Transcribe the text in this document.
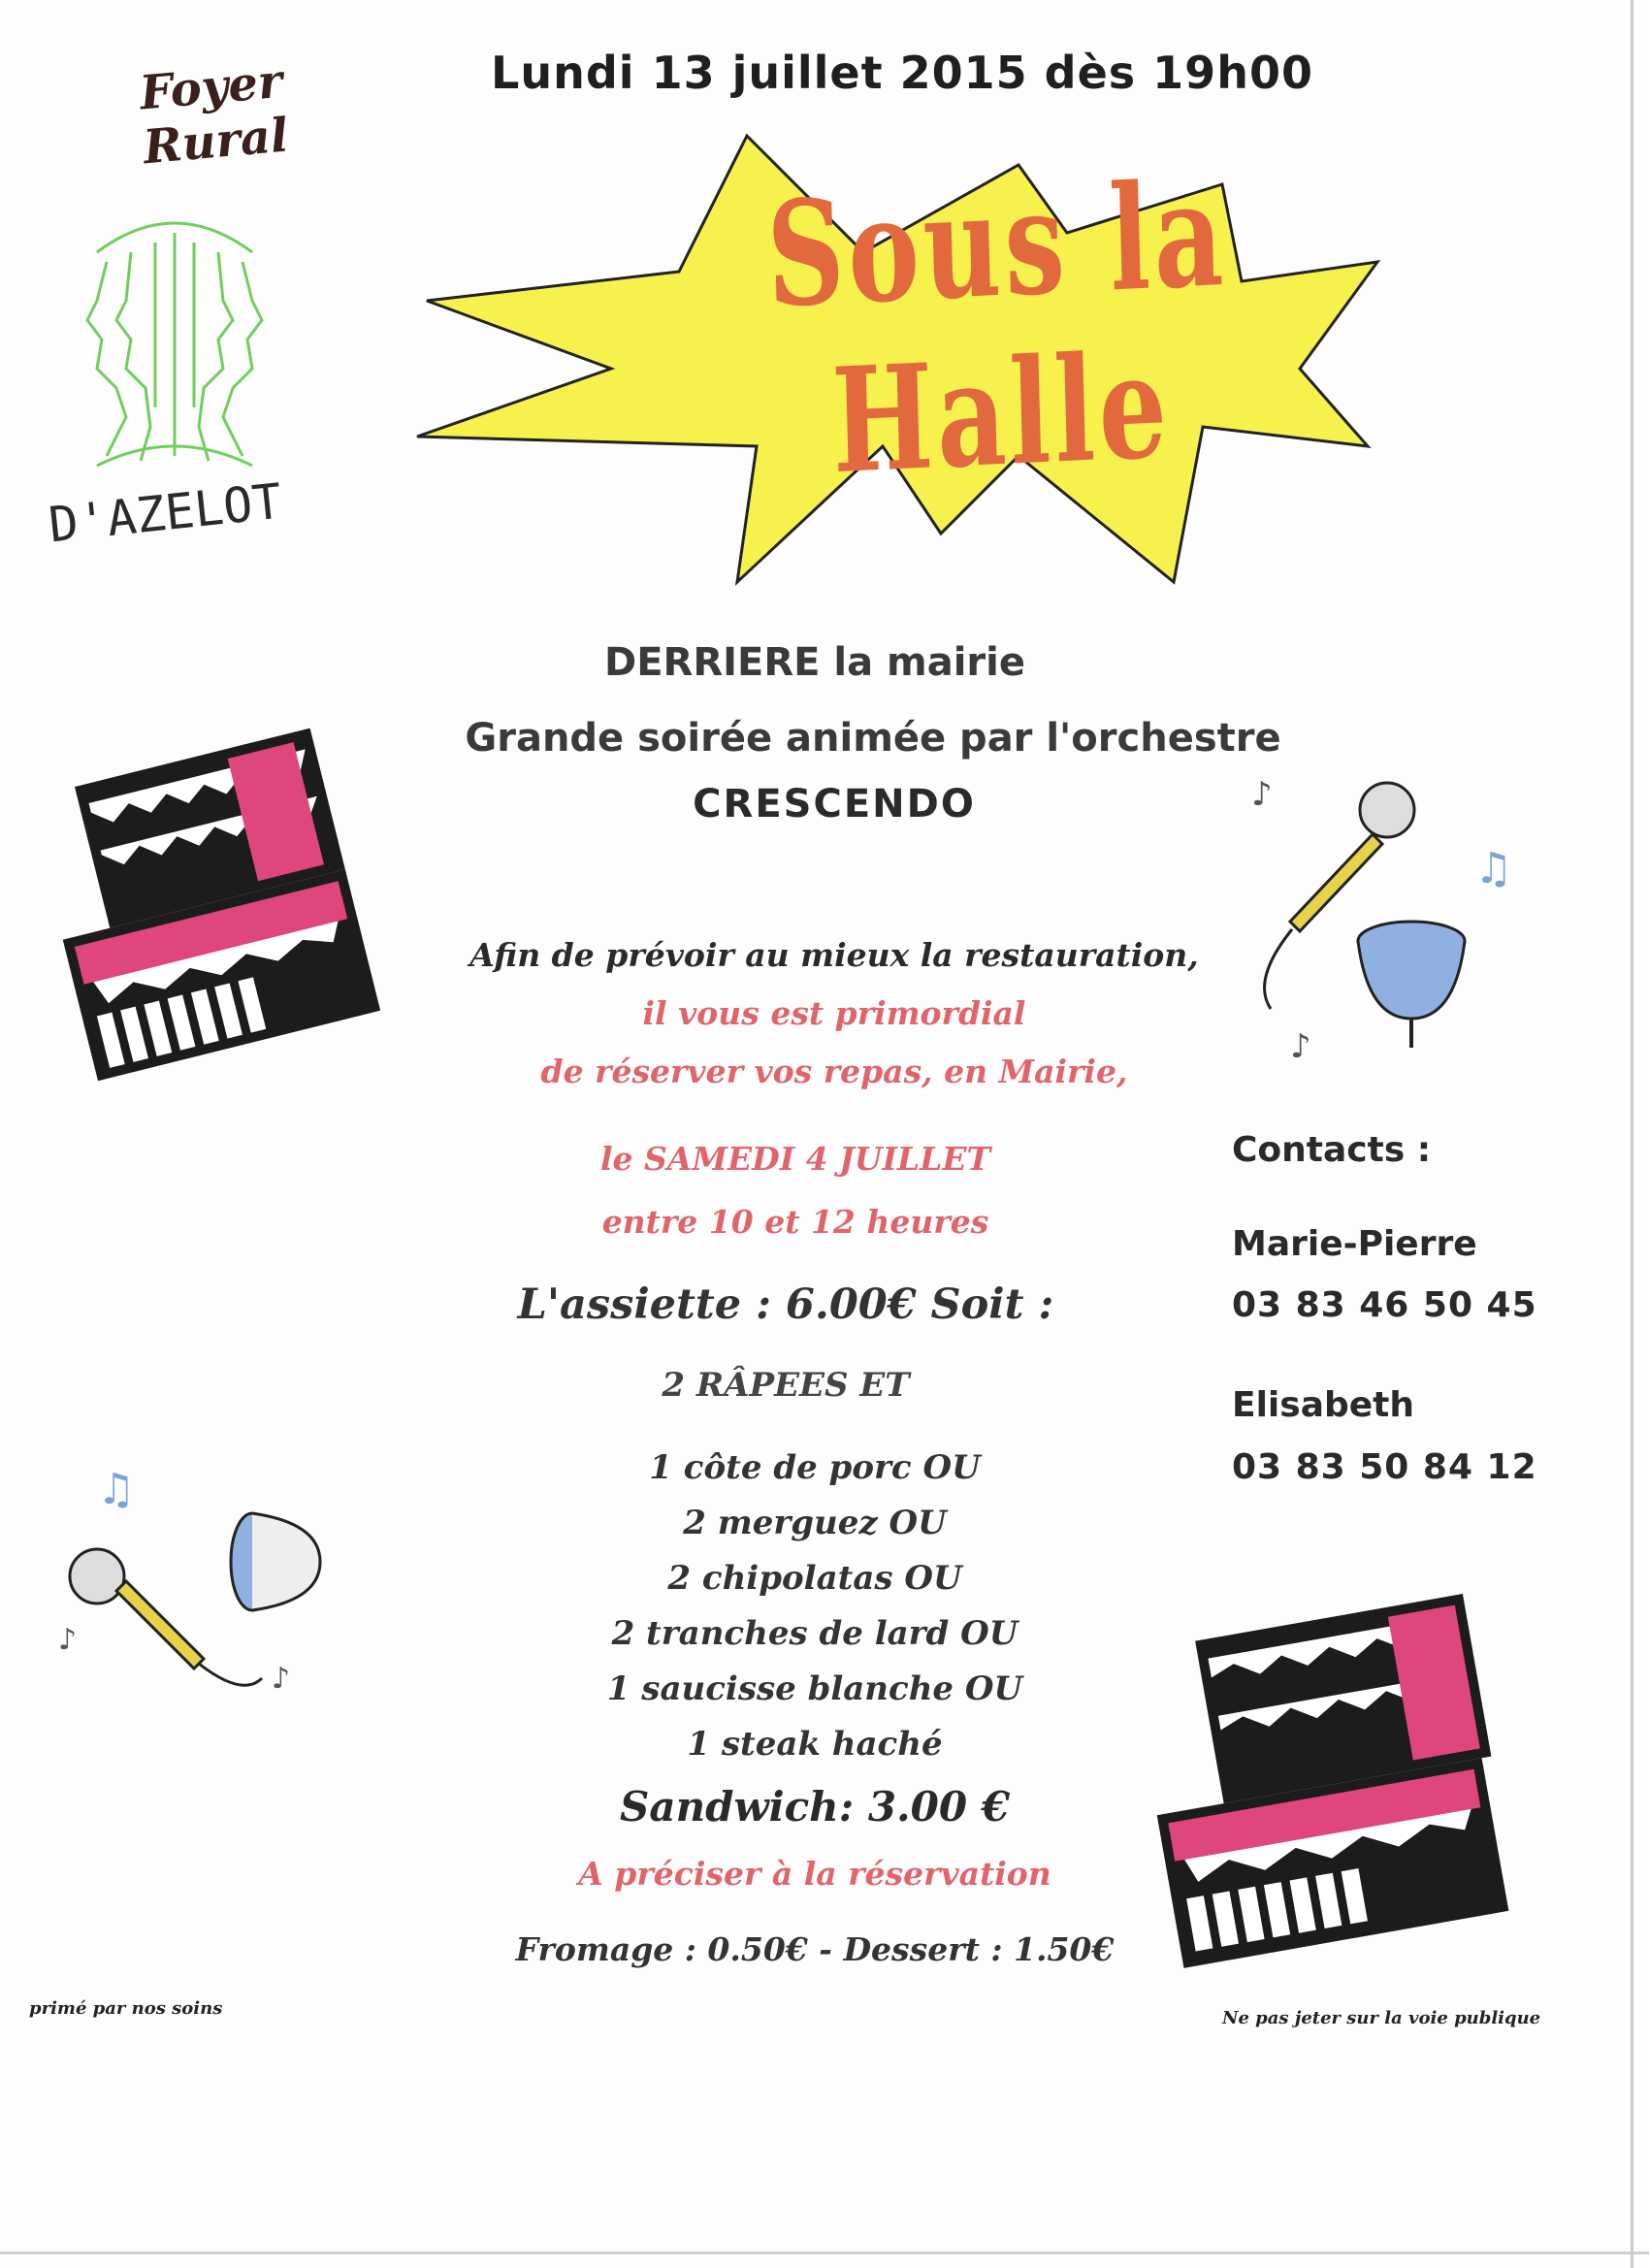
Foyer Rural
D'AZELOT
Lundi 13 juillet 2015 dès 19h00
Sous la Halle
DERRIERE la mairie
Grande soirée animée par l'orchestre
CRESCENDO
♫
♪
♪
♫
♪
♪
Afin de prévoir au mieux la restauration,
il vous est primordial
de réserver vos repas, en Mairie,
le SAMEDI 4 JUILLET
entre 10 et 12 heures
L'assiette : 6.00€ Soit :
2 RÂPEES ET
1 côte de porc OU
2 merguez OU
2 chipolatas OU
2 tranches de lard OU
1 saucisse blanche OU
1 steak haché
Sandwich: 3.00 €
A préciser à la réservation
Fromage : 0.50€ - Dessert : 1.50€
Contacts :
Marie-Pierre
03 83 46 50 45
Elisabeth
03 83 50 84 12
primé par nos soins	Ne pas jeter sur la voie publique
